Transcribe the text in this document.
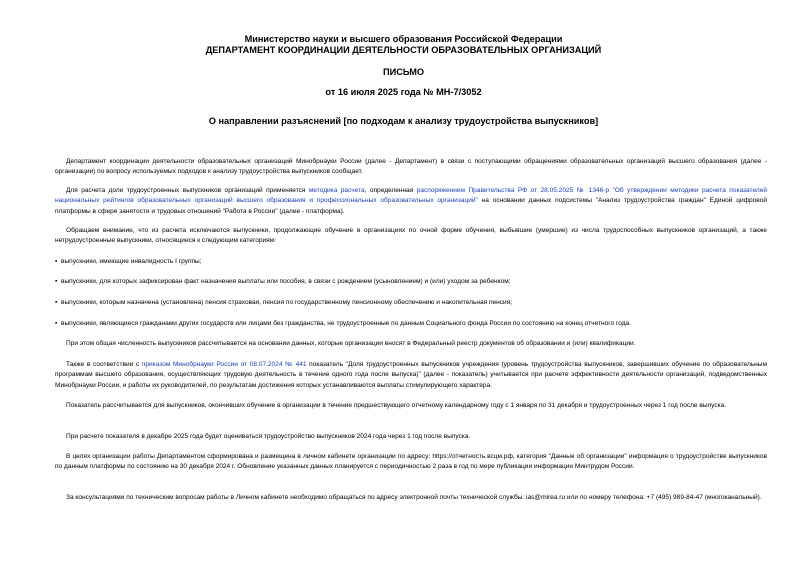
Министерство науки и высшего образования Российской Федерации
ДЕПАРТАМЕНТ КООРДИНАЦИИ ДЕЯТЕЛЬНОСТИ ОБРАЗОВАТЕЛЬНЫХ ОРГАНИЗАЦИЙ
ПИСЬМО
от 16 июля 2025 года № МН-7/3052
О направлении разъяснений [по подходам к анализу трудоустройства выпускников]
Департамент координации деятельности образовательных организаций Минобрнауки России (далее - Департамент) в связи с поступающими обращениями образовательных организаций высшего образования (далее - организации) по вопросу используемых подходов к анализу трудоустройства выпускников сообщает.
Для расчета доли трудоустроенных выпускников организаций применяется методика расчета, определенная распоряжением Правительства РФ от 28.05.2025 № 1346-р "Об утверждении методики расчета показателей национальных рейтингов образовательных организаций высшего образования и профессиональных образовательных организаций" на основании данных подсистемы "Анализ трудоустройства граждан" Единой цифровой платформы в сфере занятости и трудовых отношений "Работа в России" (далее - платформа).
Обращаем внимание, что из расчета исключаются выпускники, продолжающие обучение в организациях по очной форме обучения, выбывшие (умершие) из числа трудоспособных выпускников организаций, а также нетрудоустроенные выпускники, относящиеся к следующим категориям:
▪ выпускники, имеющие инвалидность I группы;
▪ выпускники, для которых зафиксирован факт назначения выплаты или пособия, в связи с рождением (усыновлением) и (или) уходом за ребенком;
▪ выпускники, которым назначена (установлена) пенсия страховая, пенсия по государственному пенсионному обеспечению и накопительная пенсия;
▪ выпускники, являющиеся гражданами других государств или лицами без гражданства, не трудоустроенные по данным Социального фонда России по состоянию на конец отчетного года.
При этом общая численность выпускников рассчитывается на основании данных, которые организации вносят в Федеральный реестр документов об образовании и (или) квалификации.
Также в соответствии с приказом Минобрнауки России от 08.07.2024 № 441 показатель "Доля трудоустроенных выпускников учреждения (уровень трудоустройства выпускников, завершивших обучение по образовательным программам высшего образования, осуществляющих трудовую деятельность в течение одного года после выпуска)" (далее - показатель) учитывается при расчете эффективности деятельности организаций, подведомственных Минобрнауки России, и работы их руководителей, по результатам достижения которых устанавливаются выплаты стимулирующего характера.
Показатель рассчитывается для выпускников, окончивших обучение в организации в течение предшествующего отчетному календарному году с 1 января по 31 декабря и трудоустроенных через 1 год после выпуска.
При расчете показателя в декабре 2025 года будет оцениваться трудоустройство выпускников 2024 года через 1 год после выпуска.
В целях организации работы Департаментом сформирована и размещена в личном кабинете организации по адресу: https://отчетность.всцм.рф, категория "Данные об организации" информация о трудоустройстве выпускников по данным платформы по состоянию на 30 декабря 2024 г. Обновление указанных данных планируется с периодичностью 2 раза в год по мере публикации информации Минтрудом России.
За консультациями по техническим вопросам работы в Личном кабинете необходимо обращаться по адресу электронной почты технической службы: ias@mirea.ru или по номеру телефона: +7 (495) 989-84-47 (многоканальный).
